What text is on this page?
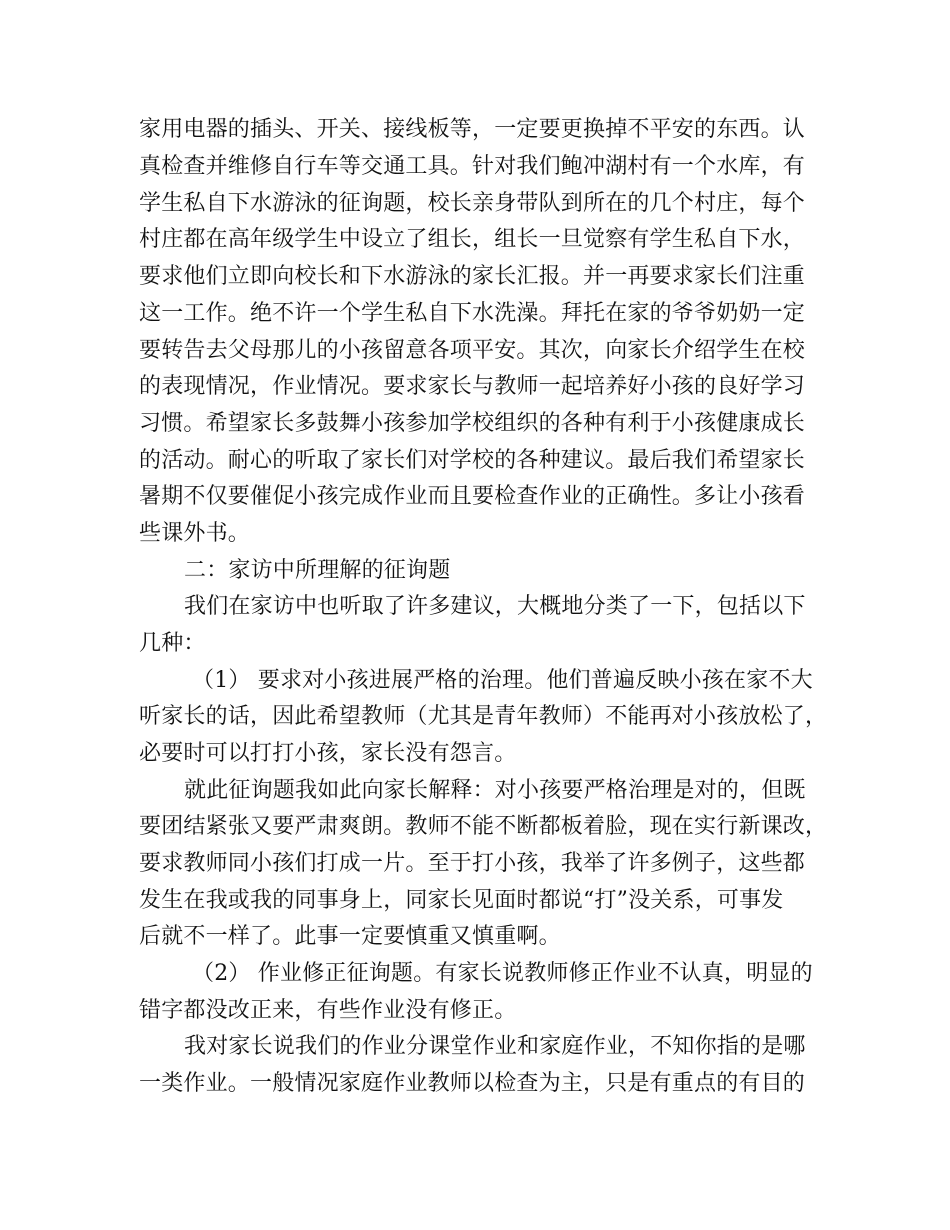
家用电器的插头、开关、接线板等，一定要更换掉不平安的东西。认
真检查并维修自行车等交通工具。针对我们鲍冲湖村有一个水库，有
学生私自下水游泳的征询题，校长亲身带队到所在的几个村庄，每个
村庄都在高年级学生中设立了组长，组长一旦觉察有学生私自下水，
要求他们立即向校长和下水游泳的家长汇报。并一再要求家长们注重
这一工作。绝不许一个学生私自下水洗澡。拜托在家的爷爷奶奶一定
要转告去父母那儿的小孩留意各项平安。其次，向家长介绍学生在校
的表现情况，作业情况。要求家长与教师一起培养好小孩的良好学习
习惯。希望家长多鼓舞小孩参加学校组织的各种有利于小孩健康成长
的活动。耐心的听取了家长们对学校的各种建议。最后我们希望家长
暑期不仅要催促小孩完成作业而且要检查作业的正确性。多让小孩看
些课外书。
二：家访中所理解的征询题
我们在家访中也听取了许多建议，大概地分类了一下，包括以下
几种：
（1） 要求对小孩进展严格的治理。他们普遍反映小孩在家不大
听家长的话，因此希望教师（尤其是青年教师）不能再对小孩放松了，
必要时可以打打小孩，家长没有怨言。
就此征询题我如此向家长解释：对小孩要严格治理是对的，但既
要团结紧张又要严肃爽朗。教师不能不断都板着脸，现在实行新课改，
要求教师同小孩们打成一片。至于打小孩，我举了许多例子，这些都
发生在我或我的同事身上，同家长见面时都说“打”没关系，可事发
后就不一样了。此事一定要慎重又慎重啊。
（2） 作业修正征询题。有家长说教师修正作业不认真，明显的
错字都没改正来，有些作业没有修正。
我对家长说我们的作业分课堂作业和家庭作业，不知你指的是哪
一类作业。一般情况家庭作业教师以检查为主，只是有重点的有目的
